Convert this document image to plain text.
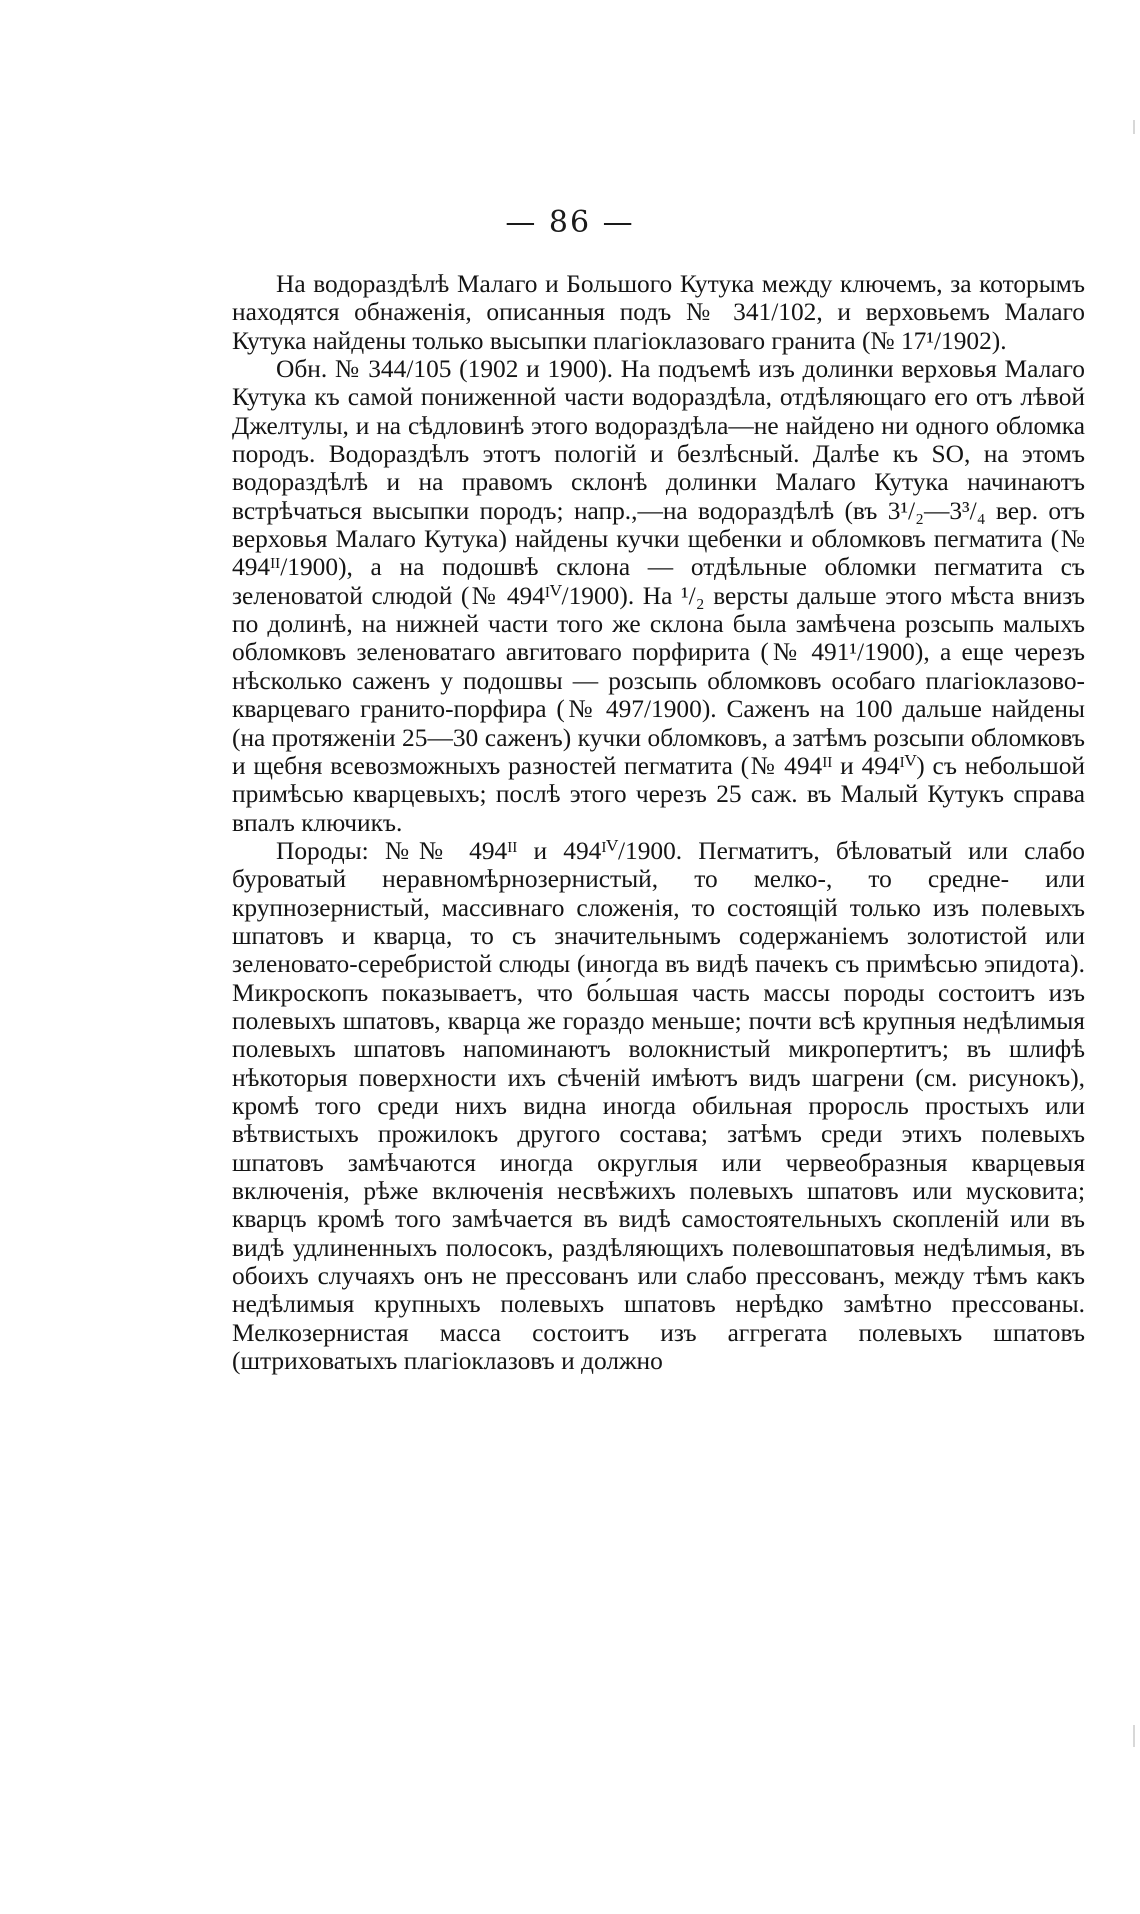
— 86 —

На водораздѣлѣ Малаго и Большого Кутука между ключемъ, за которымъ находятся обнаженія, описанныя подъ № 341/102, и верховьемъ Малаго Кутука найдены только высыпки плагіоклазоваго гранита (№ 17¹/1902).

Обн. № 344/105 (1902 и 1900). На подъемѣ изъ долинки верховья Малаго Кутука къ самой пониженной части водораздѣла, отдѣляющаго его отъ лѣвой Джелтулы, и на сѣдловинѣ этого водораздѣла—не найдено ни одного обломка породъ. Водораздѣлъ этотъ пологій и безлѣсный. Далѣе къ SO, на этомъ водораздѣлѣ и на правомъ склонѣ долинки Малаго Кутука начинаютъ встрѣчаться высыпки породъ; напр.,—на водораздѣлѣ (въ 3¹/₂—3³/₄ вер. отъ верховья Малаго Кутука) найдены кучки щебенки и обломковъ пегматита (№ 494ᴵᴵ/1900), а на подошвѣ склона — отдѣльные обломки пегматита съ зеленоватой слюдой (№ 494ᴵⱽ/1900). На ¹/₂ версты дальше этого мѣста внизъ по долинѣ, на нижней части того же склона была замѣчена розсыпь малыхъ обломковъ зеленоватаго авгитоваго порфирита (№ 491¹/1900), а еще черезъ нѣсколько саженъ у подошвы — розсыпь обломковъ особаго плагіоклазово-кварцеваго гранито-порфира (№ 497/1900). Саженъ на 100 дальше найдены (на протяженіи 25—30 саженъ) кучки обломковъ, а затѣмъ розсыпи обломковъ и щебня всевозможныхъ разностей пегматита (№ 494ᴵᴵ и 494ᴵⱽ) съ небольшой примѣсью кварцевыхъ; послѣ этого черезъ 25 саж. въ Малый Кутукъ справа впалъ ключикъ.

Породы: №№ 494ᴵᴵ и 494ᴵⱽ/1900. Пегматитъ, бѣловатый или слабо буроватый неравномѣрнозернистый, то мелко-, то средне- или крупнозернистый, массивнаго сложенія, то состоящій только изъ полевыхъ шпатовъ и кварца, то съ значительнымъ содержаніемъ золотистой или зеленовато-серебристой слюды (иногда въ видѣ пачекъ съ примѣсью эпидота). Микроскопъ показываетъ, что бо́льшая часть массы породы состоитъ изъ полевыхъ шпатовъ, кварца же гораздо меньше; почти всѣ крупныя недѣлимыя полевыхъ шпатовъ напоминаютъ волокнистый микропертитъ; въ шлифѣ нѣкоторыя поверхности ихъ сѣченій имѣютъ видъ шагрени (см. рисунокъ), кромѣ того среди нихъ видна иногда обильная проросль простыхъ или вѣтвистыхъ прожилокъ другого состава; затѣмъ среди этихъ полевыхъ шпатовъ замѣчаются иногда округлыя или червеобразныя кварцевыя включенія, рѣже включенія несвѣжихъ полевыхъ шпатовъ или мусковита; кварцъ кромѣ того замѣчается въ видѣ самостоятельныхъ скопленій или въ видѣ удлиненныхъ полосокъ, раздѣляющихъ полевошпатовыя недѣлимыя, въ обоихъ случаяхъ онъ не прессованъ или слабо прессованъ, между тѣмъ какъ недѣлимыя крупныхъ полевыхъ шпатовъ нерѣдко замѣтно прессованы. Мелкозернистая масса состоитъ изъ аггрегата полевыхъ шпатовъ (штриховатыхъ плагіоклазовъ и должно
